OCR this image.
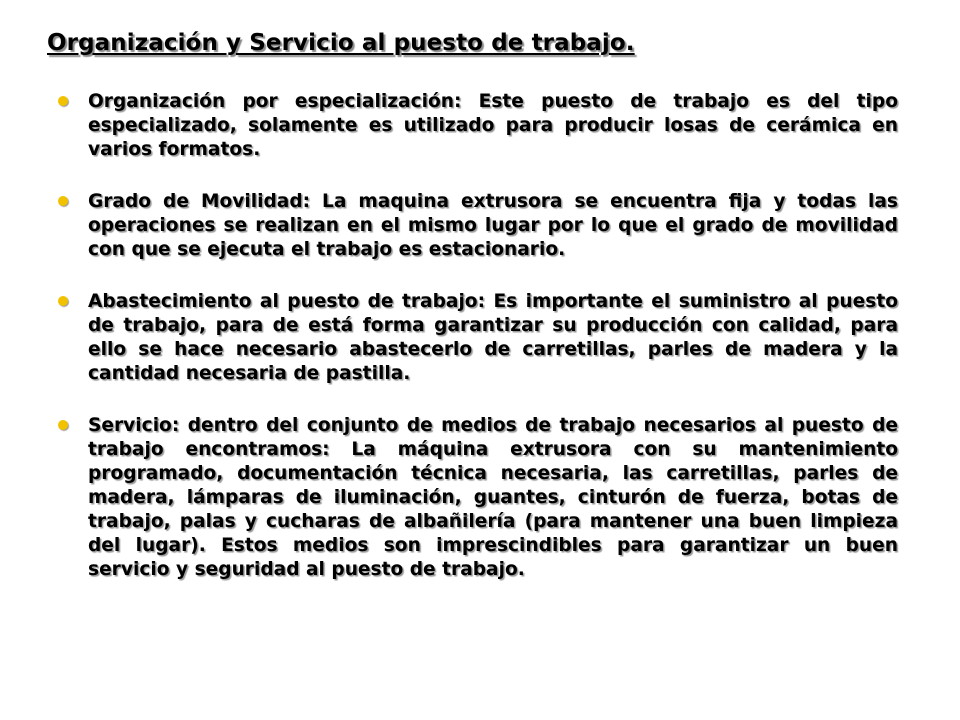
Organización y Servicio al puesto de trabajo.
Organización por especialización: Este puesto de trabajo es del tipo especializado, solamente es utilizado para producir losas de cerámica en varios formatos.
Grado de Movilidad: La maquina extrusora se encuentra fija y todas las operaciones se realizan en el mismo lugar por lo que el grado de movilidad con que se ejecuta el trabajo es estacionario.
Abastecimiento al puesto de trabajo: Es importante el suministro al puesto de trabajo, para de está forma garantizar su producción con calidad, para ello se hace necesario abastecerlo de carretillas, parles de madera y la cantidad necesaria de pastilla.
Servicio: dentro del conjunto de medios de trabajo necesarios al puesto de trabajo encontramos: La máquina extrusora con su mantenimiento programado, documentación técnica necesaria, las carretillas, parles de madera, lámparas de iluminación, guantes, cinturón de fuerza, botas de trabajo, palas y cucharas de albañilería (para mantener una buen limpieza del lugar). Estos medios son imprescindibles para garantizar un buen servicio y seguridad al puesto de trabajo.
